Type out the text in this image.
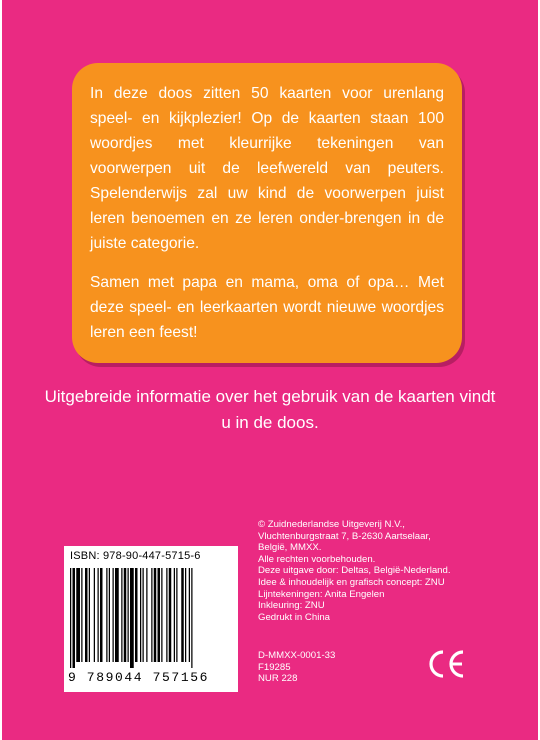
In deze doos zitten 50 kaarten voor urenlang speel- en kijkplezier! Op de kaarten staan 100 woordjes met kleurrijke tekeningen van voorwerpen uit de leefwereld van peuters. Spelenderwijs zal uw kind de voorwerpen juist leren benoemen en ze leren onder-brengen in de juiste categorie.

Samen met papa en mama, oma of opa… Met deze speel- en leerkaarten wordt nieuwe woordjes leren een feest!

Uitgebreide informatie over het gebruik van de kaarten vindt u in de doos.
ISBN: 978-90-447-5715-6
9 789044 757156
© Zuidnederlandse Uitgeverij N.V.,
Vluchtenburgstraat 7, B-2630 Aartselaar,
België, MMXX.
Alle rechten voorbehouden.
Deze uitgave door: Deltas, België-Nederland.
Idee & inhoudelijk en grafisch concept: ZNU
Lijntekeningen: Anita Engelen
Inkleuring: ZNU
Gedrukt in China
D-MMXX-0001-33
F19285
NUR 228
